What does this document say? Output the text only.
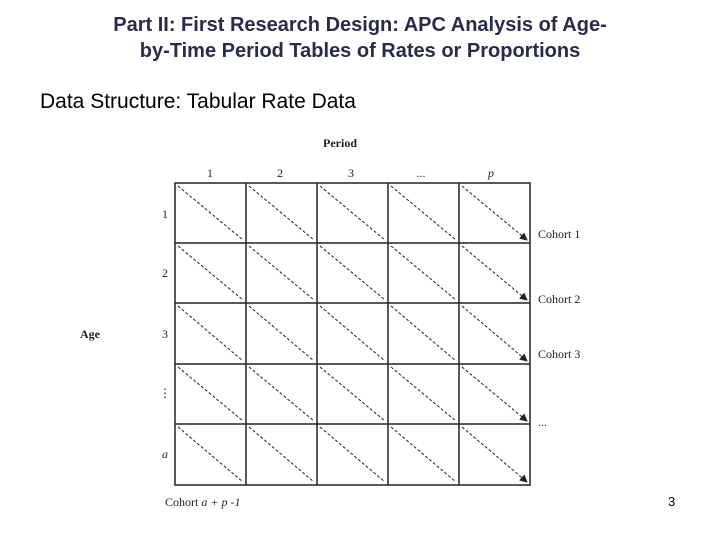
Part II: First Research Design: APC Analysis of Age-
by-Time Period Tables of Rates or Proportions
Data Structure: Tabular Rate Data
Period
1	2	3	...	p
Age
1
2
3
⋮
a
Cohort 1
Cohort 2
Cohort 3
...
Cohort a + p -1	3
